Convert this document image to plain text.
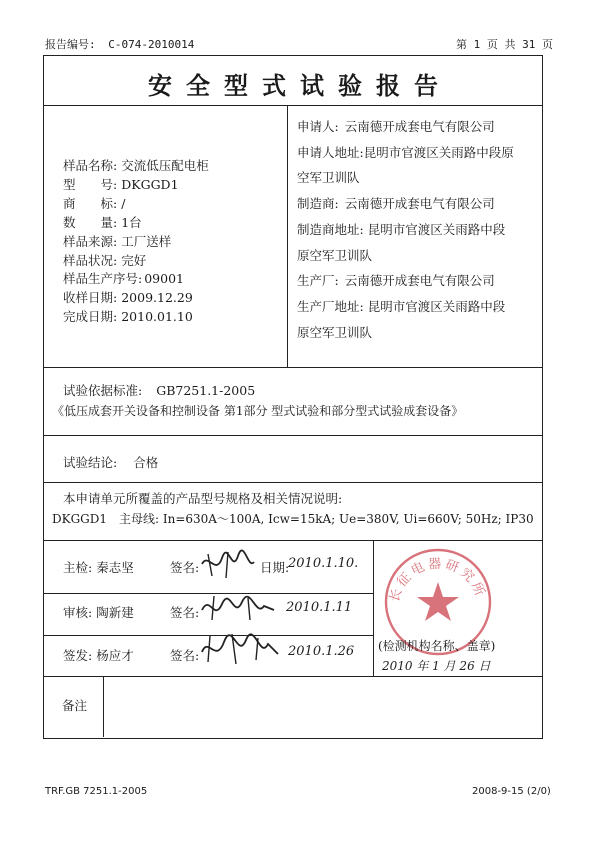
报告编号: C-074-2010014	第 1 页 共 31 页
安全型式试验报告
样品名称: 交流低压配电柜
型　　号: DKGGD1
商　　标: /
数　　量: 1台
样品来源: 工厂送样
样品状况: 完好
样品生产序号: 09001
收样日期: 2009.12.29
完成日期: 2010.01.10
申请人: 云南德开成套电气有限公司
申请人地址:昆明市官渡区关雨路中段原
空军卫训队
制造商: 云南德开成套电气有限公司
制造商地址: 昆明市官渡区关雨路中段
原空军卫训队
生产厂: 云南德开成套电气有限公司
生产厂地址: 昆明市官渡区关雨路中段
原空军卫训队
试验依据标准: GB7251.1-2005
《低压成套开关设备和控制设备 第1部分 型式试验和部分型式试验成套设备》
试验结论: 合格
本申请单元所覆盖的产品型号规格及相关情况说明:
DKGGD1　主母线: In=630A～100A, Icw=15kA; Ue=380V, Ui=660V; 50Hz; IP30
主检: 秦志坚	签名:	日期:
2010.1.10.
审核: 陶新建	签名:	2010.1.11
签发: 杨应才	签名:	2010.1.26
长征电器研究所
(检测机构名称、盖章)
2010 年 1 月 26 日
备注
TRF.GB 7251.1-2005	2008-9-15 (2/0)
